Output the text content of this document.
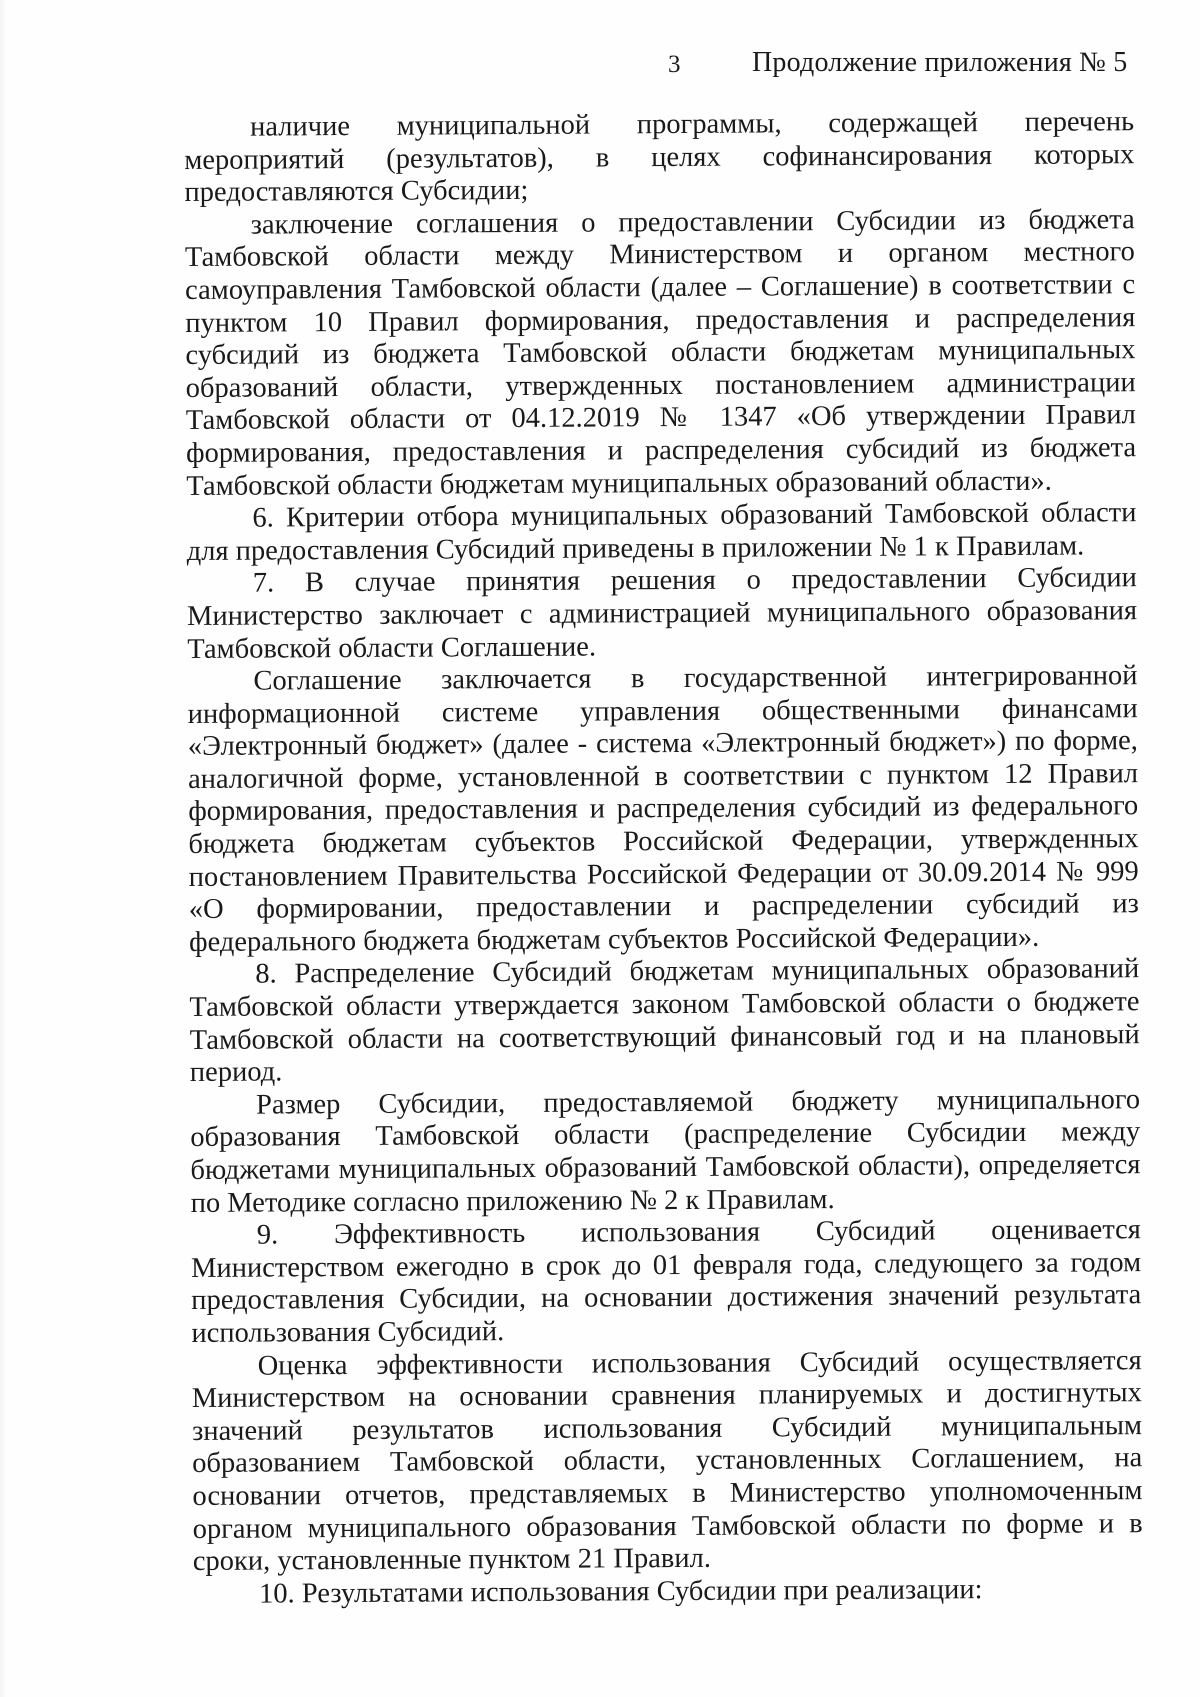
3	Продолжение приложения № 5

наличие муниципальной программы, содержащей перечень мероприятий (результатов), в целях софинансирования которых предоставляются Субсидии;

заключение соглашения о предоставлении Субсидии из бюджета Тамбовской области между Министерством и органом местного самоуправления Тамбовской области (далее – Соглашение) в соответствии с пунктом 10 Правил формирования, предоставления и распределения субсидий из бюджета Тамбовской области бюджетам муниципальных образований области, утвержденных постановлением администрации Тамбовской области от 04.12.2019 № 1347 «Об утверждении Правил формирования, предоставления и распределения субсидий из бюджета Тамбовской области бюджетам муниципальных образований области».

6. Критерии отбора муниципальных образований Тамбовской области для предоставления Субсидий приведены в приложении № 1 к Правилам.

7. В случае принятия решения о предоставлении Субсидии Министерство заключает с администрацией муниципального образования Тамбовской области Соглашение.

Соглашение заключается в государственной интегрированной информационной системе управления общественными финансами «Электронный бюджет» (далее - система «Электронный бюджет») по форме, аналогичной форме, установленной в соответствии с пунктом 12 Правил формирования, предоставления и распределения субсидий из федерального бюджета бюджетам субъектов Российской Федерации, утвержденных постановлением Правительства Российской Федерации от 30.09.2014 № 999 «О формировании, предоставлении и распределении субсидий из федерального бюджета бюджетам субъектов Российской Федерации».

8. Распределение Субсидий бюджетам муниципальных образований Тамбовской области утверждается законом Тамбовской области о бюджете Тамбовской области на соответствующий финансовый год и на плановый период.

Размер Субсидии, предоставляемой бюджету муниципального образования Тамбовской области (распределение Субсидии между бюджетами муниципальных образований Тамбовской области), определяется по Методике согласно приложению № 2 к Правилам.

9. Эффективность использования Субсидий оценивается Министерством ежегодно в срок до 01 февраля года, следующего за годом предоставления Субсидии, на основании достижения значений результата использования Субсидий.

Оценка эффективности использования Субсидий осуществляется Министерством на основании сравнения планируемых и достигнутых значений результатов использования Субсидий муниципальным образованием Тамбовской области, установленных Соглашением, на основании отчетов, представляемых в Министерство уполномоченным органом муниципального образования Тамбовской области по форме и в сроки, установленные пунктом 21 Правил.

10. Результатами использования Субсидии при реализации:
